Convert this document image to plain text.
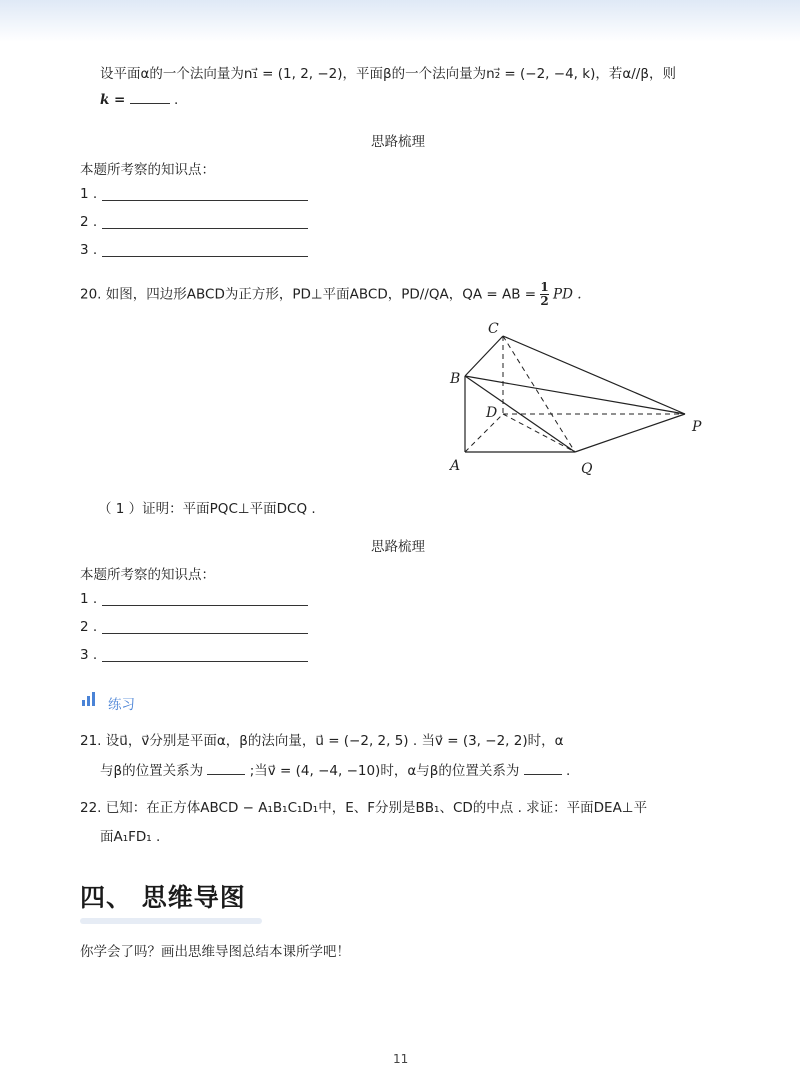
设平面α的一个法向量为n₁⃗ = (1, 2, −2)，平面β的一个法向量为n₂⃗ = (−2, −4, k)，若α//β，则
k =	.
思路梳理
本题所考察的知识点：
1 .
2 .
3 .
20. 如图，四边形ABCD为正方形，PD⊥平面ABCD，PD//QA，QA = AB = $\frac{1}{2}$ PD .
C
B
D
P
A	Q
（ 1 ）证明：平面PQC⊥平面DCQ .
思路梳理
本题所考察的知识点：
1 .
2 .
3 .
练习
21. 设u⃗，v⃗分别是平面α，β的法向量，u⃗ = (−2, 2, 5) . 当v⃗ = (3, −2, 2)时，α
与β的位置关系为	;当v⃗ = (4, −4, −10)时，α与β的位置关系为	.
22. 已知：在正方体ABCD − A₁B₁C₁D₁中，E、F分别是BB₁、CD的中点 . 求证：平面DEA⊥平
面A₁FD₁ .
四、 思维导图
你学会了吗？画出思维导图总结本课所学吧！
11
